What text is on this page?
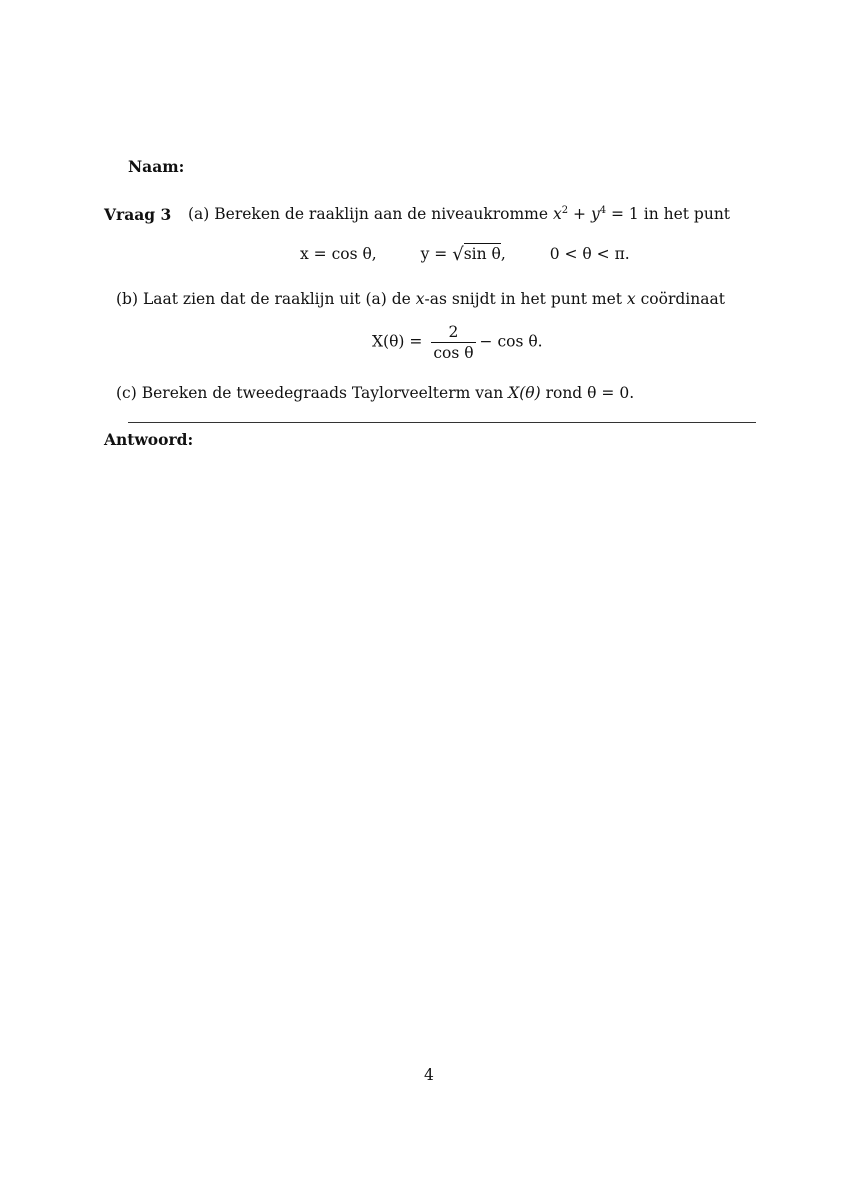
Naam:
Vraag 3 (a) Bereken de raaklijn aan de niveaukromme $x^2 + y^4 = 1$ in het punt
x = cos θ,	y = √sin θ,	0 < θ < π.
(b) Laat zien dat de raaklijn uit (a) de x-as snijdt in het punt met x coördinaat
$X(\theta) = \frac{2}{\text{cos θ}} - \cos \theta$.
(c) Bereken de tweedegraads Taylorveelterm van X(θ) rond θ = 0.
Antwoord:
4
